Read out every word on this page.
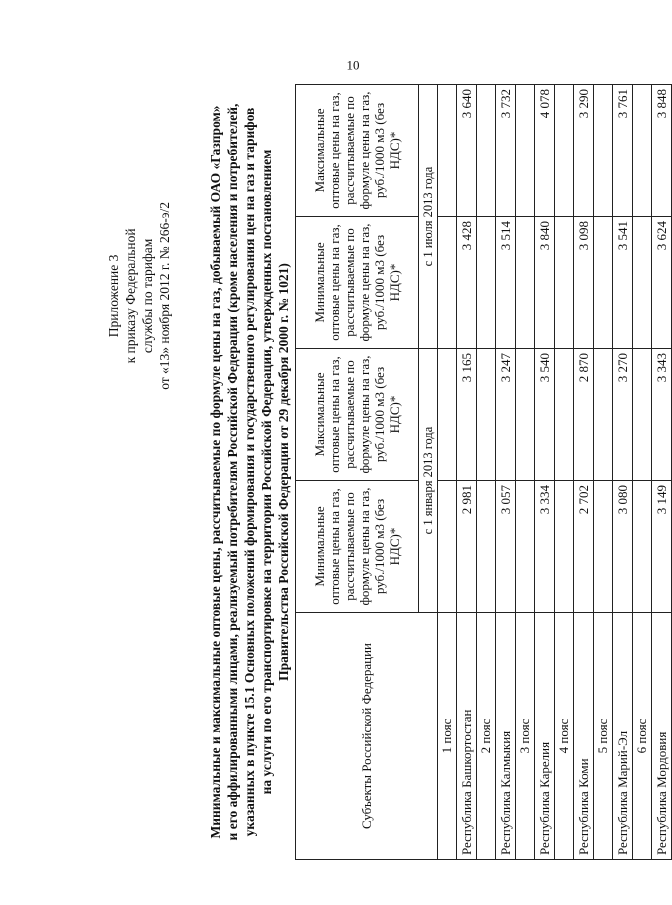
Приложение 3 к приказу Федеральной службы по тарифам от «13» ноября 2012 г. № 266-э/2	Минимальные и максимальные оптовые цены, рассчитываемые по формуле цены на газ, добываемый ОАО «Газпром» и его аффилированными лицами, реализуемый потребителям Российской Федерации (кроме населения и потребителей, указанных в пункте 15.1 Основных положений формирования и государственного регулирования цен на газ и тарифов на услуги по его транспортировке на территории Российской Федерации, утвержденных постановлением Правительства Российской Федерации от 29 декабря 2000 г. № 1021)
Субъекты Российской Федерации	Минимальные оптовые цены на газ, рассчитываемые по формуле цены на газ, руб./1000 м3 (без НДС)*	Максимальные оптовые цены на газ, рассчитываемые по формуле цены на газ, руб./1000 м3 (без НДС)*	Минимальные оптовые цены на газ, рассчитываемые по формуле цены на газ, руб./1000 м3 (без НДС)*	Максимальные оптовые цены на газ, рассчитываемые по формуле цены на газ, руб./1000 м3 (без НДС)*
	с 1 января 2013 года		с 1 июля 2013 года	
1 пояс				
Республика Башкортостан	2 981	3 165	3 428	3 640
2 пояс				
Республика Калмыкия	3 057	3 247	3 514	3 732
3 пояс				
Республика Карелия	3 334	3 540	3 840	4 078
4 пояс				
Республика Коми	2 702	2 870	3 098	3 290
5 пояс				
Республика Марий-Эл	3 080	3 270	3 541	3 761
6 пояс				
Республика Мордовия	3 149	3 343	3 624	3 848
10
